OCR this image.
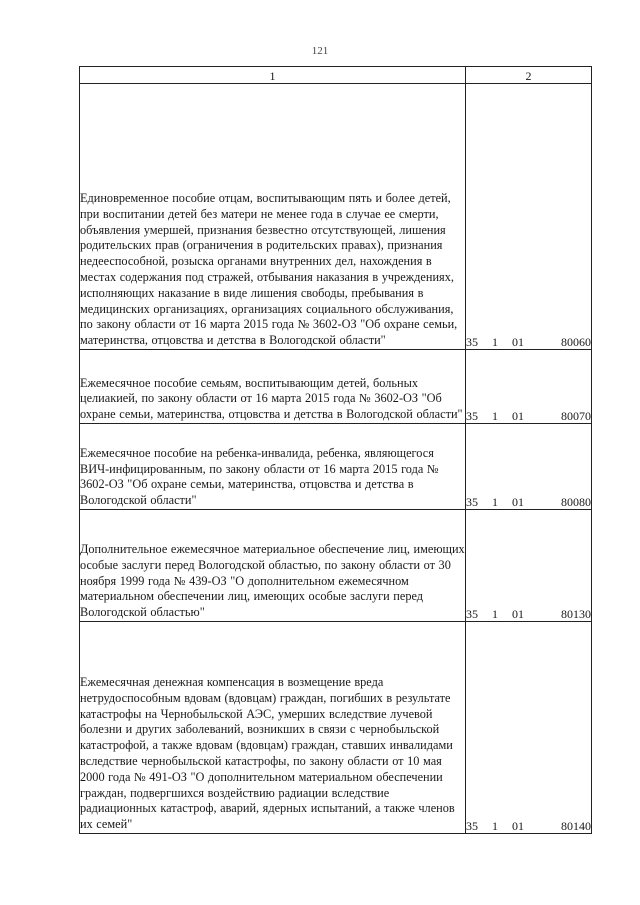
121
1	2
Единовременное пособие отцам, воспитывающим пять и более детей, при воспитании детей без матери не менее года в случае ее смерти, объявления умершей, признания безвестно отсутствующей, лишения родительских прав (ограничения в родительских правах), признания недееспособной, розыска органами внутренних дел, нахождения в местах содержания под стражей, отбывания наказания в учреждениях, исполняющих наказание в виде лишения свободы, пребывания в медицинских организациях, организациях социального обслуживания, по закону области от 16 марта 2015 года № 3602-ОЗ "Об охране семьи, материнства, отцовства и детства в Вологодской области"	35 1 01 80060

Ежемесячное пособие семьям, воспитывающим детей, больных целиакией, по закону области от 16 марта 2015 года № 3602-ОЗ "Об охране семьи, материнства, отцовства и детства в Вологодской области"	35 1 01 80070

Ежемесячное пособие на ребенка-инвалида, ребенка, являющегося ВИЧ-инфицированным, по закону области от 16 марта 2015 года № 3602-ОЗ "Об охране семьи, материнства, отцовства и детства в Вологодской области"	35 1 01 80080

Дополнительное ежемесячное материальное обеспечение лиц, имеющих особые заслуги перед Вологодской областью, по закону области от 30 ноября 1999 года № 439-ОЗ "О дополнительном ежемесячном материальном обеспечении лиц, имеющих особые заслуги перед Вологодской областью"	35 1 01 80130

Ежемесячная денежная компенсация в возмещение вреда нетрудоспособным вдовам (вдовцам) граждан, погибших в результате катастрофы на Чернобыльской АЭС, умерших вследствие лучевой болезни и других заболеваний, возникших в связи с чернобыльской катастрофой, а также вдовам (вдовцам) граждан, ставших инвалидами вследствие чернобыльской катастрофы, по закону области от 10 мая 2000 года № 491-ОЗ "О дополнительном материальном обеспечении граждан, подвергшихся воздействию радиации вследствие радиационных катастроф, аварий, ядерных испытаний, а также членов их семей"	35 1 01 80140
